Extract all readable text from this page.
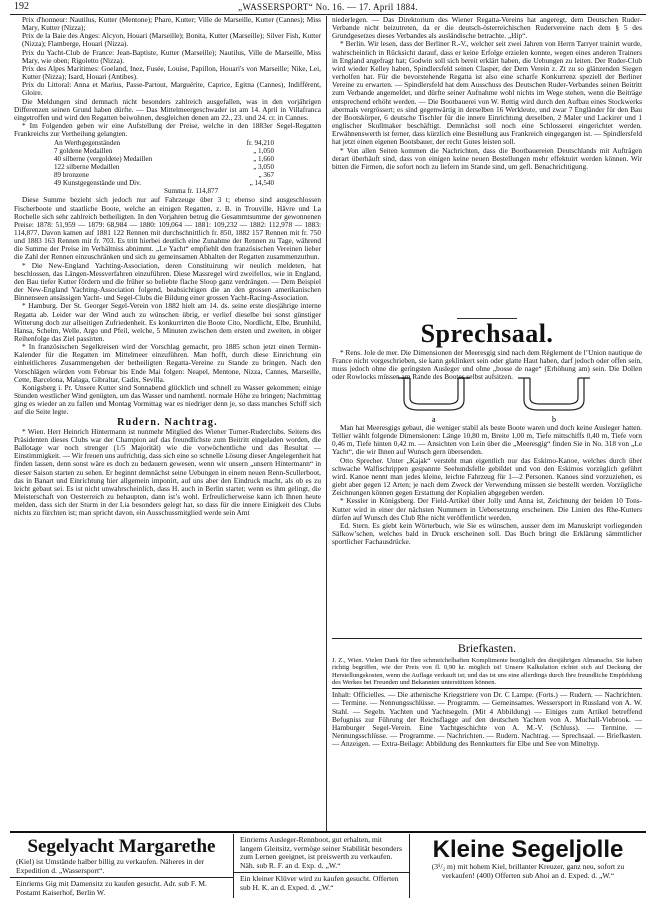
192	„WASSERSPORT“ No. 16. — 17. April 1884.

Prix d'honneur: Nautilus, Kutter (Mentone); Phare, Kutter; Ville de Marseille, Kutter (Cannes); Miss Mary, Kutter (Nizza);

Prix de la Baie des Anges: Alcyon, Houari (Marseille); Bonita, Kutter (Marseille); Silver Fish, Kutter (Nizza); Flamberge, Houari (Nizza).

Prix du Yacht-Club de France: Jean-Baptiste, Kutter (Marseille); Nautilus, Ville de Marseille, Miss Mary, wie oben; Rigoletto (Nizza).

Prix des Alpes Maritimes: Goeland, Inez, Fusée, Louise, Papillon, Houari's von Marseille; Nike, Lei, Kutter (Nizza); Isard, Houari (Antibes).

Prix du Littoral: Anna et Marius, Passe-Partout, Marguérite, Caprice, Egitna (Cannes), Indifférent, Gloire.

Die Meldungen sind demnach nicht besonders zahlreich ausgefallen, was in den vorjährigen Differenzen seinen Grund haben dürfte. — Das Mittelmeergeschwader ist am 14. April in Villafranca eingetroffen und wird den Regatten beiwohnen, desgleichen denen am 22., 23. und 24. cr. in Cannes.

* Im Folgenden geben wir eine Aufstellung der Preise, welche in den 1883er Segel-Regatten Frankreichs zur Vertheilung gelangten.

An Werthgegenständen	fr. 94,210
7 goldene Medaillen	„ 1,050
40 silberne (vergoldete) Medaillen	„ 1,660
122 silberne Medaillen	„ 3,050
89 bronzene	„ 367
49 Kunstgegenstände und Div.	„ 14,540
Summa fr. 114,877

Diese Summe bezieht sich jedoch nur auf Fahrzeuge über 3 t; ebenso sind ausgeschlossen Fischerboote und staatliche Boote, welche an einigen Regatten, z. B. in Trouville, Hâvre und La Rochelle sich sehr zahlreich betheiligten. In den Vorjahren betrug die Gesammtsumme der gewonnenen Preise: 1878: 51,959 — 1879: 68,984 — 1880: 109,064 — 1881: 109,232 — 1882: 112,978 — 1883: 114,877. Davon kamen auf 1881 122 Rennen mit durchschnittlich fr. 850, 1882 157 Rennen mit fr. 750 und 1883 163 Rennen mit fr. 703. Es tritt hierbei deutlich eine Zunahme der Rennen zu Tage, während die Summe der Preise im Verhältniss abnimmt. „Le Yacht“ empfiehlt den französischen Vereinen lieber die Zahl der Rennen einzuschränken und sich zu gemeinsamen Abhalten der Regatten zusammenzuthun.

* Die New-England Yachting-Association, deren Constituirung wir neulich meldeten, hat beschlossen, das Längen-Messverfahren einzuführen. Diese Massregel wird zweifellos, wie in England, den Bau tiefer Kutter fördern und die früher so beliebte flache Sloop ganz verdrängen. — Dem Beispiel der New-England Yachting-Association folgend, beabsichtigen die an den grossen amerikanischen Binnenseen ansässigen Yacht- und Segel-Clubs die Bildung einer grossen Yacht-Racing-Association.

* Hamburg. Der St. Georger Segel-Verein von 1882 hielt am 14. ds. seine erste diesjährige interne Regatta ab. Leider war der Wind auch zu wünschen übrig, er verlief dieselbe bei sonst günstiger Witterung doch zur allseitigen Zufriedenheit. Es konkurrirten die Boote Cito, Nordlicht, Elbe, Brunhild, Hansa, Schelm, Welle, Argo und Pfeil, welche, 5 Minuten zwischen dem ersten und zweiten, in obiger Reihenfolge das Ziel passirten.

* In französischen Segelkreisen wird der Vorschlag gemacht, pro 1885 schon jetzt einen Termin-Kalender für die Regatten im Mittelmeer einzuführen. Man hofft, durch diese Einrichtung ein einheitlicheres Zusammengehen der betheiligten Regatta-Vereine zu Stande zu bringen. Nach den Vorschlägen würden vom Februar bis Ende Mai folgen: Neapel, Mentone, Nizza, Cannes, Marseille, Cette, Barcelona, Malaga, Gibraltar, Cadix, Sevilla.

Konigsberg i. Pr. Unsere Kutter sind Sonnabend glücklich und schnell zu Wasser gekommen; einige Stunden westlicher Wind genügten, um das Wasser und namhentl. normale Höhe zu bringen; Nachmittag ging es wieder an zu fallen und Montag Vormittag war es niedriger denn je, so dass manches Schiff sich auf die Seite legte.

Rudern. Nachtrag.

* Wien. Herr Heinrich Hintermann ist nunmehr Mitglied des Wiener Turner-Ruderclubs. Seitens des Präsidenten dieses Clubs war der Champion auf das freundlichste zum Beitritt eingeladen worden, die Ballotage war noch strenger (1/5 Majorität) wie die vorwöchentliche und das Resultat — Einstimmigkeit. — Wir freuen uns aufrichtig, dass sich eine so schnelle Lösung dieser Angelegenheit hat finden lassen, denn sonst wäre es doch zu bedauern gewesen, wenn wir unsern „unsern Hintermann“ in dieser Saison starten zu sehen. Er beginnt demnächst seine Uebungen in einem neuen Renn-Scullerboot, das in Banart und Einrichtung hier allgemein imponirt, auf uns aber den Eindruck macht, als ob es zu leicht gebaut sei. Es ist nicht unwahrscheinlich, dass H. auch in Berlin startet; wenn es ihm gelingt, die Meisterschaft von Oesterreich zu behaupten, dann ist’s wohl. Erfreulicherweise kann ich Ihnen heute melden, dass sich der Sturm in der Lia besonders gelegt hat, so dass für die innere Einigkeit des Clubs nichts zu fürchten ist; man spricht davon, ein Ausschussmitglied werde sein Amt

niederlegen. — Das Direktorium des Wiener Regatta-Vereins hat angeregt, dem Deutschen Ruder-Verbande nicht beizutreten, da er die deutsch-österreichischen Rudervereine nach dem § 5 des Grundgesetzes dieses Verbandes als ausländische betrachte. „Hip“.

* Berlin. Wir lesen, dass der Berliner R.-V., welcher seit zwei Jahren von Herrn Tarryer trainirt wurde, wahrscheinlich in Rücksicht darauf, dass er keine Erfolge erzielen konnte, wegen eines anderen Trainers in England angefragt hat; Godwin soll sich bereit erklärt haben, die Uebungen zu leiten. Der Ruder-Club wird wieder Kelley haben, Spindlersfeld seinen Clasper, der Dem Verein z. Zt zu so glänzenden Siegen verholfen hat. Für die bevorstehende Regatta ist also eine scharfe Konkurrenz speziell der Berliner Vereine zu erwarten. — Spindlersfeld hat dem Ausschuss des Deutschen Ruder-Verbandes seinen Beitritt zum Verbande angemeldet, und dürfte seiner Aufnahme wohl nichts im Wege stehen, wenn die Beiträge entsprechend erhöht werden. — Die Bootbauerei von W. Rettig wird durch den Aufbau eines Stockwerks abermals vergrössert; es sind gegenwärtig in derselben 16 Werkleute, und zwar 7 Engländer für den Bau der Bootskörper, 6 deutsche Tischler für die innere Einrichtung derselben, 2 Maler und Lackirer und 1 englischer Skullmaker beschäftigt. Demnächst soll noch eine Schlosserei eingerichtet werden. Erwähnenswerth ist ferner, dass kürzlich eine Bestellung aus Frankreich eingegangen ist. — Spindlersfeld hat jetzt einen eigenen Bootsbauer, der recht Gutes leisten soll.

* Von allen Seiten kommen die Nachrichten, dass die Bootbauereien Deutschlands mit Aufträgen derart überhäuft sind, dass von einigen keine neuen Bestellungen mehr effektuirt werden können. Wir bitten die Firmen, die sofort noch zu liefern im Stande sind, um gefl. Benachrichtigung.

Sprechsaal.
* Rens. Jole de mer. Die Dimensionen der Meeresgig sind nach dem Règlement de l’Union nautique de France nicht vorgeschrieben, sie kann geklinkert sein oder glatte Haut haben, darf jedoch oder offen sein, muss jedoch ohne die geringsten Ausleger und ohne „bosse de nage“ (Erhöhung am) sein. Die Dollen oder Rowlocks müssen am Rande des Bootes selbst aufsitzen.
a	b

Man hat Meeresgigs gebaut, die weniger stabil als beste Boote waren und doch keine Ausleger hatten. Tellier wählt folgende Dimensionen: Länge 10,80 m, Breite 1,00 m, Tiefe mittschiffs 0,40 m, Tiefe vorn 0,46 m, Tiefe hinten 0,42 m. — Ansichten von Lein über die „Meeresgig“ finden Sie in No. 318 von „Le Yacht“, die wir Ihnen auf Wunsch gern übersenden.

Otto Sprecher. Unter „Kajak“ versteht man eigentlich nur das Eskimo-Kanoe, welches durch über schwache Walfischrippen gespannte Seehundsfelle gebildet und von den Eskimos vorzüglich geführt wird. Kanoe nennt man jedes kleine, leichte Fahrzeug für 1—2 Personen. Kanoes sind vorzuziehen, es giebt aber gegen 12 Arten; je nach dem Zweck der Verwendung müssen sie bestellt werden. Vorzügliche Zeichnungen können gegen Erstattung der Kopialien abgegeben werden.

* Kessler in Königsberg. Der Field-Artikel über Jolly und Anna ist, Zeichnung der beiden 10 Tons-Kutter wird in einer der nächsten Nummern in Uebersetzung erscheinen. Die Linien des Rhe-Kutters dürfen auf Wunsch des Club Rhe nicht veröffentlicht werden.

Ed. Stern. Es giebt kein Wörterbuch, wie Sie es wünschen, ausser dem im Manuskript vorliegenden Säfkow’schen, welches bald in Druck erscheinen soll. Das Buch bringt die Erklärung sämmtlicher sportlicher Fachausdrücke.

Briefkasten.

J. Z., Wien. Vielen Dank für Ihre schmeichelhaften Komplimente bezüglich des diesjährigen Almanachs. Sie haben richtig begriffen, wie der Preis von fl. 0,90 kr. möglich ist! Unsere Kalkulation richtet sich auf Deckung der Herstellungskosten, wenn die Auflage verkauft ist; und das ist uns eine allerdings durch Ihre freundliche Empfehlung des Werkes bei Freunden und Bekannten unterstützen können.

Inhalt: Officielles. — Die athenische Kriegstriere von Dr. C Lampe. (Forts.) — Rudern. — Nachrichten. — Termine. — Nennungsschlüsse. — Programm. — Gemeinsames. Wessersport in Russland von A. W. Stahl. — Segeln. Yachten und Yachtsegeln. (Mit 4 Abbildung) — Einiges zum Artikel betreffend Befugniss zur Führung der Reichsflagge auf den deutschen Yachten von A. Muchall-Viebrook. — Hamburger Segel-Verein. Eine Yachtgeschichte von A. M.-V. (Schluss). — Termine. — Nennungsschlüsse. — Programme. — Nachrichten. — Rudern. Nachtrag. — Sprechsaal. — Briefkasten. — Anzeigen. — Extra-Beilage: Abbildung des Rennkutters für Elbe und See von Mitteltyp.

Segelyacht Margarethe
(Kiel) ist Umstände halber billig zu verkaufen. Näheres in der Expedition d. „Wassersport“.
Einriems Gig mit Damensitz zu kaufen gesucht. Adr. sub F. M. Postamt Kaiserhof, Berlin W.
Einriems Ausleger-Rennboot, gut erhalten, mit langem Gleitsitz, vermöge seiner Stabilität besonders zum Lernen geeignet, ist preiswerth zu verkaufen. Näh. sub R. F. an d. Exp. d. „W.“
Ein kleiner Klüver wird zu kaufen gesucht. Offerten sub H. K. an d. Exped. d. „W.“
Kleine Segeljolle
(3¹/₂ m) mit hohem Kiel, brillanter Kreuzer, ganz neu, sofort zu verkaufen! (400) Offerten sub Ahoi an d. Exped. d. „W.“
